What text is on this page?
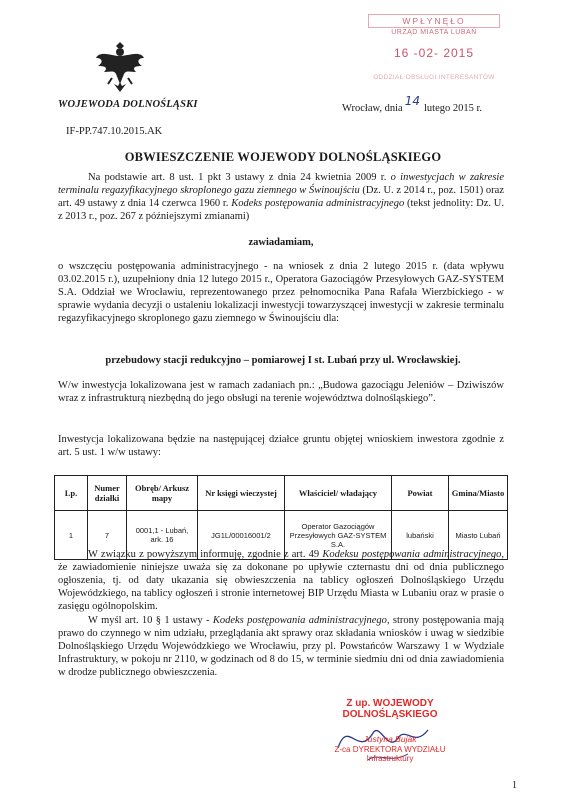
WPŁYNĘŁO
URZĄD MIASTA LUBAŃ
16 -02- 2015
ODDZIAŁ OBSŁUGI INTERESANTÓW
WOJEWODA DOLNOŚLĄSKI	Wrocław, dnia14lutego 2015 r.
IF-PP.747.10.2015.AK
OBWIESZCZENIE WOJEWODY DOLNOŚLĄSKIEGO
Na podstawie art. 8 ust. 1 pkt 3 ustawy z dnia 24 kwietnia 2009 r. o inwestycjach w zakresie terminalu regazyfikacyjnego skroplonego gazu ziemnego w Świnoujściu (Dz. U. z 2014 r., poz. 1501) oraz art. 49 ustawy z dnia 14 czerwca 1960 r. Kodeks postępowania administracyjnego (tekst jednolity: Dz. U. z 2013 r., poz. 267 z późniejszymi zmianami)
zawiadamiam,
o wszczęciu postępowania administracyjnego - na wniosek z dnia 2 lutego 2015 r. (data wpływu 03.02.2015 r.), uzupełniony dnia 12 lutego 2015 r., Operatora Gazociągów Przesyłowych GAZ-SYSTEM S.A. Oddział we Wrocławiu, reprezentowanego przez pełnomocnika Pana Rafała Wierzbickiego - w sprawie wydania decyzji o ustaleniu lokalizacji inwestycji towarzyszącej inwestycji w zakresie terminalu regazyfikacyjnego skroplonego gazu ziemnego w Świnoujściu dla:
przebudowy stacji redukcyjno – pomiarowej I st. Lubań przy ul. Wrocławskiej.
W/w inwestycja lokalizowana jest w ramach zadaniach pn.: „Budowa gazociągu Jeleniów – Dziwiszów wraz z infrastrukturą niezbędną do jego obsługi na terenie województwa dolnośląskiego”.
Inwestycja lokalizowana będzie na następującej działce gruntu objętej wnioskiem inwestora zgodnie z art. 5 ust. 1 w/w ustawy:
Lp.	Numer działki	Obręb/ Arkusz mapy	Nr księgi wieczystej	Właściciel/ władający	Powiat	Gmina/Miasto
1	7	0001,1 - Lubań, ark. 16	JG1L/00016001/2	Operator Gazociągów Przesyłowych GAZ-SYSTEM S.A.	lubański	Miasto Lubań
W związku z powyższym informuję, zgodnie z art. 49 Kodeksu postępowania administracyjnego, że zawiadomienie niniejsze uważa się za dokonane po upływie czternastu dni od dnia publicznego ogłoszenia, tj. od daty ukazania się obwieszczenia na tablicy ogłoszeń Dolnośląskiego Urzędu Wojewódzkiego, na tablicy ogłoszeń i stronie internetowej BIP Urzędu Miasta w Lubaniu oraz w prasie o zasięgu ogólnopolskim.
W myśl art. 10 § 1 ustawy - Kodeks postępowania administracyjnego, strony postępowania mają prawo do czynnego w nim udziału, przeglądania akt sprawy oraz składania wniosków i uwag w siedzibie Dolnośląskiego Urzędu Wojewódzkiego we Wrocławiu, przy pl. Powstańców Warszawy 1 w Wydziale Infrastruktury, w pokoju nr 2110, w godzinach od 8 do 15, w terminie siedmiu dni od dnia zawiadomienia w drodze publicznego obwieszczenia.
Z up. WOJEWODY DOLNOŚLĄSKIEGO
Justyna Bujak
Z-ca DYREKTORA WYDZIAŁU
Infrastruktury
1
